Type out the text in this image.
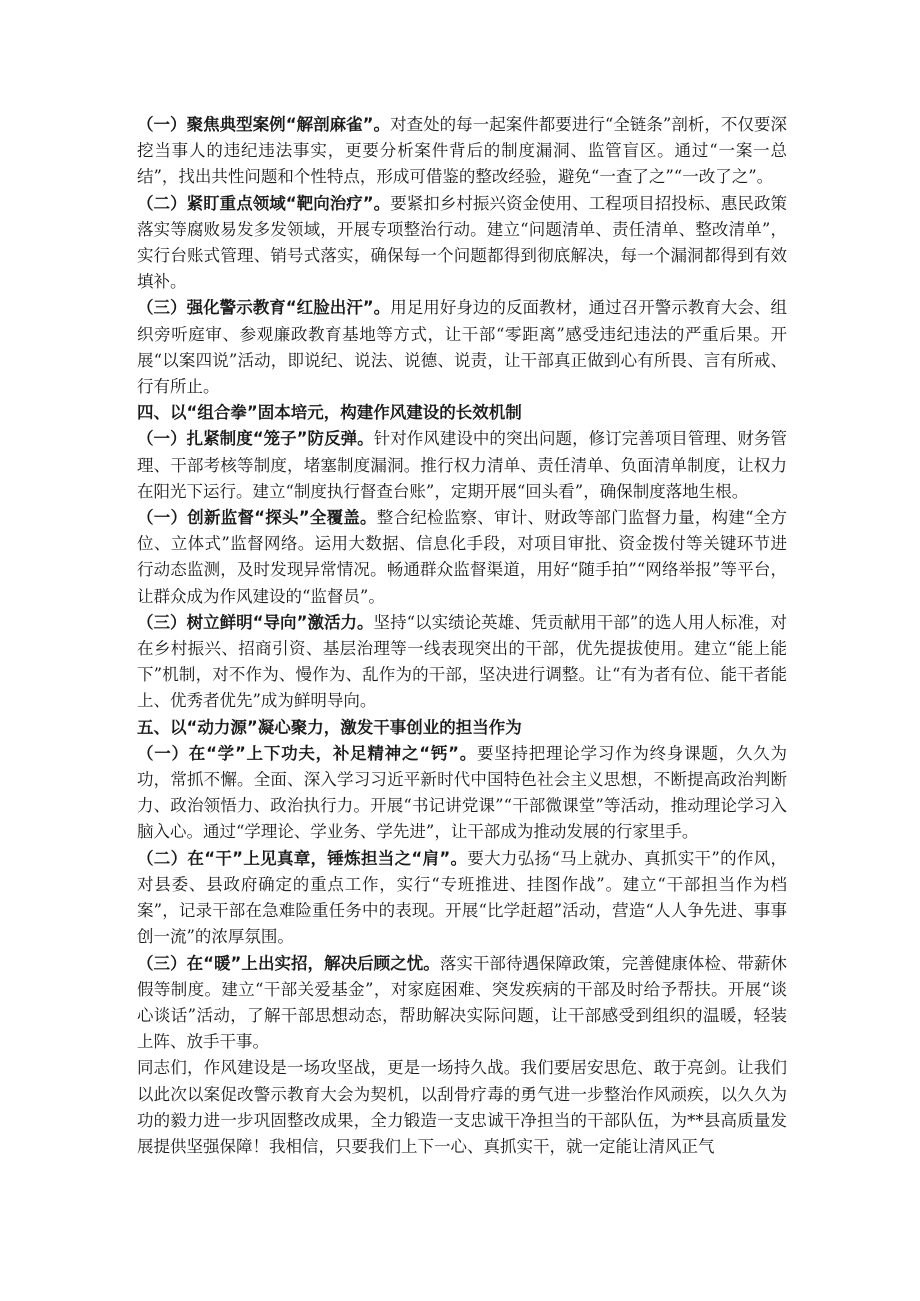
（一）聚焦典型案例“解剖麻雀”。对查处的每一起案件都要进行“全链条”剖析，不仅要深挖当事人的违纪违法事实，更要分析案件背后的制度漏洞、监管盲区。通过“一案一总结”，找出共性问题和个性特点，形成可借鉴的整改经验，避免“一查了之”“一改了之”。

（二）紧盯重点领域“靶向治疗”。要紧扣乡村振兴资金使用、工程项目招投标、惠民政策落实等腐败易发多发领域，开展专项整治行动。建立“问题清单、责任清单、整改清单”，实行台账式管理、销号式落实，确保每一个问题都得到彻底解决，每一个漏洞都得到有效填补。

（三）强化警示教育“红脸出汗”。用足用好身边的反面教材，通过召开警示教育大会、组织旁听庭审、参观廉政教育基地等方式，让干部“零距离”感受违纪违法的严重后果。开展“以案四说”活动，即说纪、说法、说德、说责，让干部真正做到心有所畏、言有所戒、行有所止。

四、以“组合拳”固本培元，构建作风建设的长效机制

（一）扎紧制度“笼子”防反弹。针对作风建设中的突出问题，修订完善项目管理、财务管理、干部考核等制度，堵塞制度漏洞。推行权力清单、责任清单、负面清单制度，让权力在阳光下运行。建立“制度执行督查台账”，定期开展“回头看”，确保制度落地生根。

（一）创新监督“探头”全覆盖。整合纪检监察、审计、财政等部门监督力量，构建“全方位、立体式”监督网络。运用大数据、信息化手段，对项目审批、资金拨付等关键环节进行动态监测，及时发现异常情况。畅通群众监督渠道，用好“随手拍”“网络举报”等平台，让群众成为作风建设的“监督员”。

（三）树立鲜明“导向”激活力。坚持“以实绩论英雄、凭贡献用干部”的选人用人标准，对在乡村振兴、招商引资、基层治理等一线表现突出的干部，优先提拔使用。建立“能上能下”机制，对不作为、慢作为、乱作为的干部，坚决进行调整。让“有为者有位、能干者能上、优秀者优先”成为鲜明导向。

五、以“动力源”凝心聚力，激发干事创业的担当作为

（一）在“学”上下功夫，补足精神之“钙”。要坚持把理论学习作为终身课题，久久为功，常抓不懈。全面、深入学习习近平新时代中国特色社会主义思想，不断提高政治判断力、政治领悟力、政治执行力。开展“书记讲党课”“干部微课堂”等活动，推动理论学习入脑入心。通过“学理论、学业务、学先进”，让干部成为推动发展的行家里手。

（二）在“干”上见真章，锤炼担当之“肩”。要大力弘扬“马上就办、真抓实干”的作风，对县委、县政府确定的重点工作，实行“专班推进、挂图作战”。建立“干部担当作为档案”，记录干部在急难险重任务中的表现。开展“比学赶超”活动，营造“人人争先进、事事创一流”的浓厚氛围。

（三）在“暖”上出实招，解决后顾之忧。落实干部待遇保障政策，完善健康体检、带薪休假等制度。建立“干部关爱基金”，对家庭困难、突发疾病的干部及时给予帮扶。开展“谈心谈话”活动，了解干部思想动态，帮助解决实际问题，让干部感受到组织的温暖，轻装上阵、放手干事。

同志们，作风建设是一场攻坚战，更是一场持久战。我们要居安思危、敢于亮剑。让我们以此次以案促改警示教育大会为契机，以刮骨疗毒的勇气进一步整治作风顽疾，以久久为功的毅力进一步巩固整改成果，全力锻造一支忠诚干净担当的干部队伍，为**县高质量发展提供坚强保障！我相信，只要我们上下一心、真抓实干，就一定能让清风正气
